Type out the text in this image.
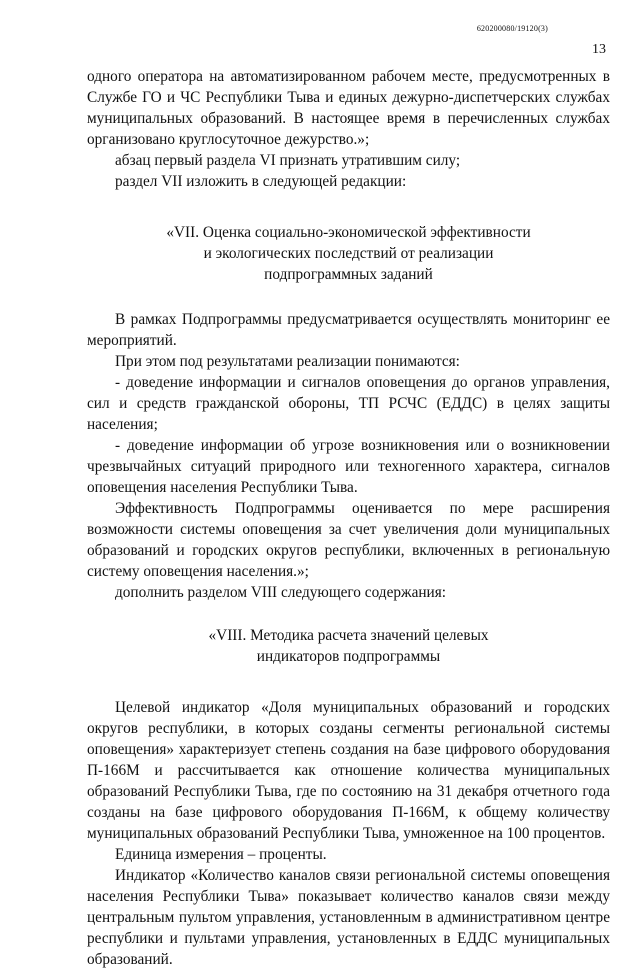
620200080/19120(3)
13

одного оператора на автоматизированном рабочем месте, предусмотренных в Службе ГО и ЧС Республики Тыва и единых дежурно-диспетчерских службах муниципальных образований. В настоящее время в перечисленных службах организовано круглосуточное дежурство.»;

абзац первый раздела VI признать утратившим силу;

раздел VII изложить в следующей редакции:

«VII. Оценка социально-экономической эффективности
и экологических последствий от реализации
подпрограммных заданий

В рамках Подпрограммы предусматривается осуществлять мониторинг ее мероприятий.

При этом под результатами реализации понимаются:

- доведение информации и сигналов оповещения до органов управления, сил и средств гражданской обороны, ТП РСЧС (ЕДДС) в целях защиты населения;

- доведение информации об угрозе возникновения или о возникновении чрезвычайных ситуаций природного или техногенного характера, сигналов оповещения населения Республики Тыва.

Эффективность Подпрограммы оценивается по мере расширения возможности системы оповещения за счет увеличения доли муниципальных образований и городских округов республики, включенных в региональную систему оповещения населения.»;

дополнить разделом VIII следующего содержания:

«VIII. Методика расчета значений целевых
индикаторов подпрограммы

Целевой индикатор «Доля муниципальных образований и городских округов республики, в которых созданы сегменты региональной системы оповещения» характеризует степень создания на базе цифрового оборудования П-166М и рассчитывается как отношение количества муниципальных образований Республики Тыва, где по состоянию на 31 декабря отчетного года созданы на базе цифрового оборудования П-166М, к общему количеству муниципальных образований Республики Тыва, умноженное на 100 процентов.

Единица измерения – проценты.

Индикатор «Количество каналов связи региональной системы оповещения населения Республики Тыва» показывает количество каналов связи между центральным пультом управления, установленным в административном центре республики и пультами управления, установленных в ЕДДС муниципальных образований.
